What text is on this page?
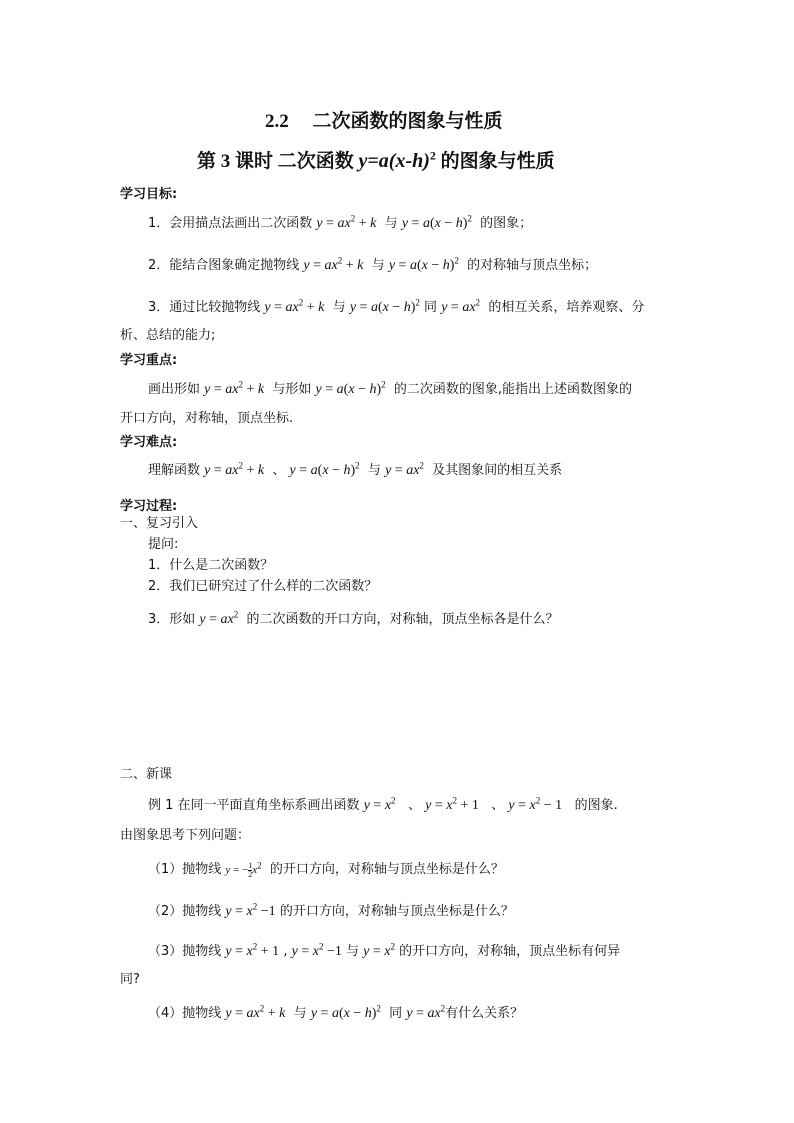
2.2　 二次函数的图象与性质
第 3 课时 二次函数 $y=a(x-h)^2$ 的图象与性质
学习目标:
1．会用描点法画出二次函数 $y = ax^2 + k$ 与 $y = a(x - h)^2$ 的图象；
2．能结合图象确定抛物线 $y = ax^2 + k$ 与 $y = a(x - h)^2$ 的对称轴与顶点坐标；
3．通过比较抛物线 $y = ax^2 + k$ 与 $y = a(x - h)^2$ 同 $y = ax^2$ 的相互关系，培养观察、分
析、总结的能力;
学习重点:
画出形如 $y = ax^2 + k$ 与形如 $y = a(x - h)^2$ 的二次函数的图象,能指出上述函数图象的
开口方向，对称轴，顶点坐标.
学习难点:
理解函数 $y = ax^2 + k$ 、 $y = a(x - h)^2$ 与 $y = ax^2$ 及其图象间的相互关系
学习过程:
一、复习引入
提问:
1．什么是二次函数？
2．我们已研究过了什么样的二次函数？
3．形如 $y = ax^2$ 的二次函数的开口方向，对称轴，顶点坐标各是什么？
二、新课
例 1 在同一平面直角坐标系画出函数 $y = x^2$ 、 $y = x^2 + 1$ 、 $y = x^2 - 1$ 的图象.
由图象思考下列问题：
（1）抛物线 $y = -\frac{1}{2} x^2$ 的开口方向，对称轴与顶点坐标是什么？
（2）抛物线 $y = x^2 -1$ 的开口方向，对称轴与顶点坐标是什么？
（3）抛物线 $y = x^2 + 1$ , $y = x^2 -1$ 与 $y = x^2$ 的开口方向，对称轴，顶点坐标有何异
同?
（4）抛物线 $y = ax^2 + k$ 与 $y = a(x - h)^2$ 同 $y = ax^2$有什么关系？
